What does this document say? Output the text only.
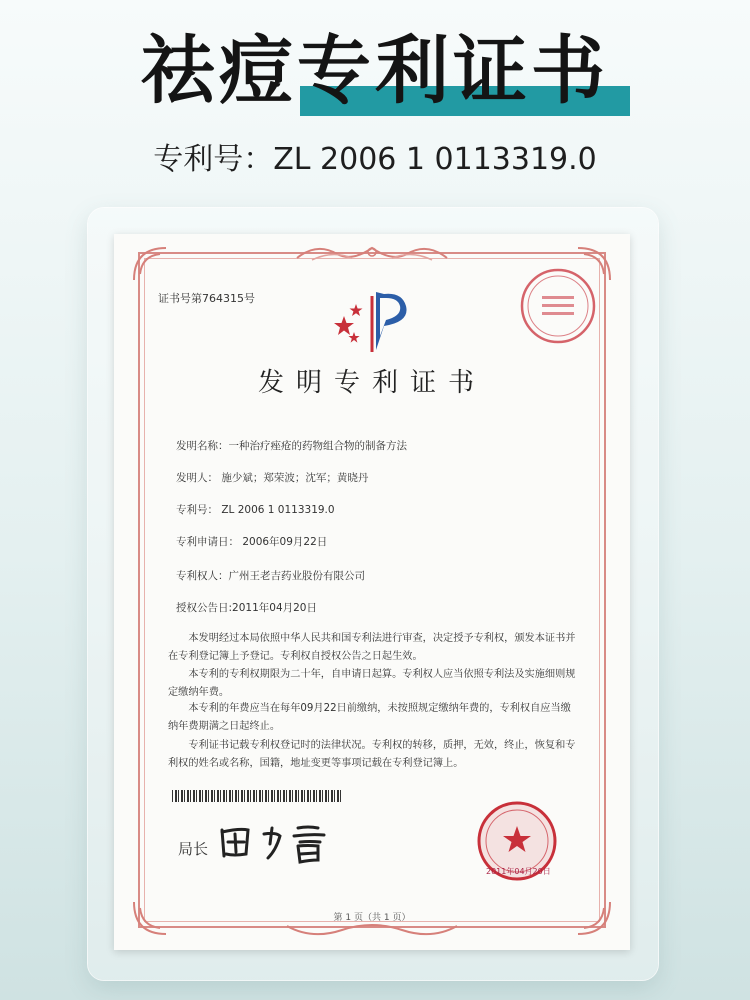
祛痘专利证书
专利号：ZL 2006 1 0113319.0
证书号第764315号
发明专利证书
发明名称：一种治疗痤疮的药物组合物的制备方法
发明人： 施少斌；郑荣波；沈军；黄晓丹
专利号： ZL 2006 1 0113319.0
专利申请日： 2006年09月22日
专利权人：广州王老吉药业股份有限公司
授权公告日:2011年04月20日
　　本发明经过本局依照中华人民共和国专利法进行审查，决定授予专利权，颁发本证书并在专利登记簿上予登记。专利权自授权公告之日起生效。
　　本专利的专利权期限为二十年，自申请日起算。专利权人应当依照专利法及实施细则规定缴纳年费。
　　本专利的年费应当在每年09月22日前缴纳，未按照规定缴纳年费的，专利权自应当缴纳年费期满之日起终止。
　　专利证书记载专利权登记时的法律状况。专利权的转移，质押，无效，终止，恢复和专利权的姓名或名称，国籍，地址变更等事项记载在专利登记簿上。
局长
2011年04月20日
第 1 页（共 1 页）
